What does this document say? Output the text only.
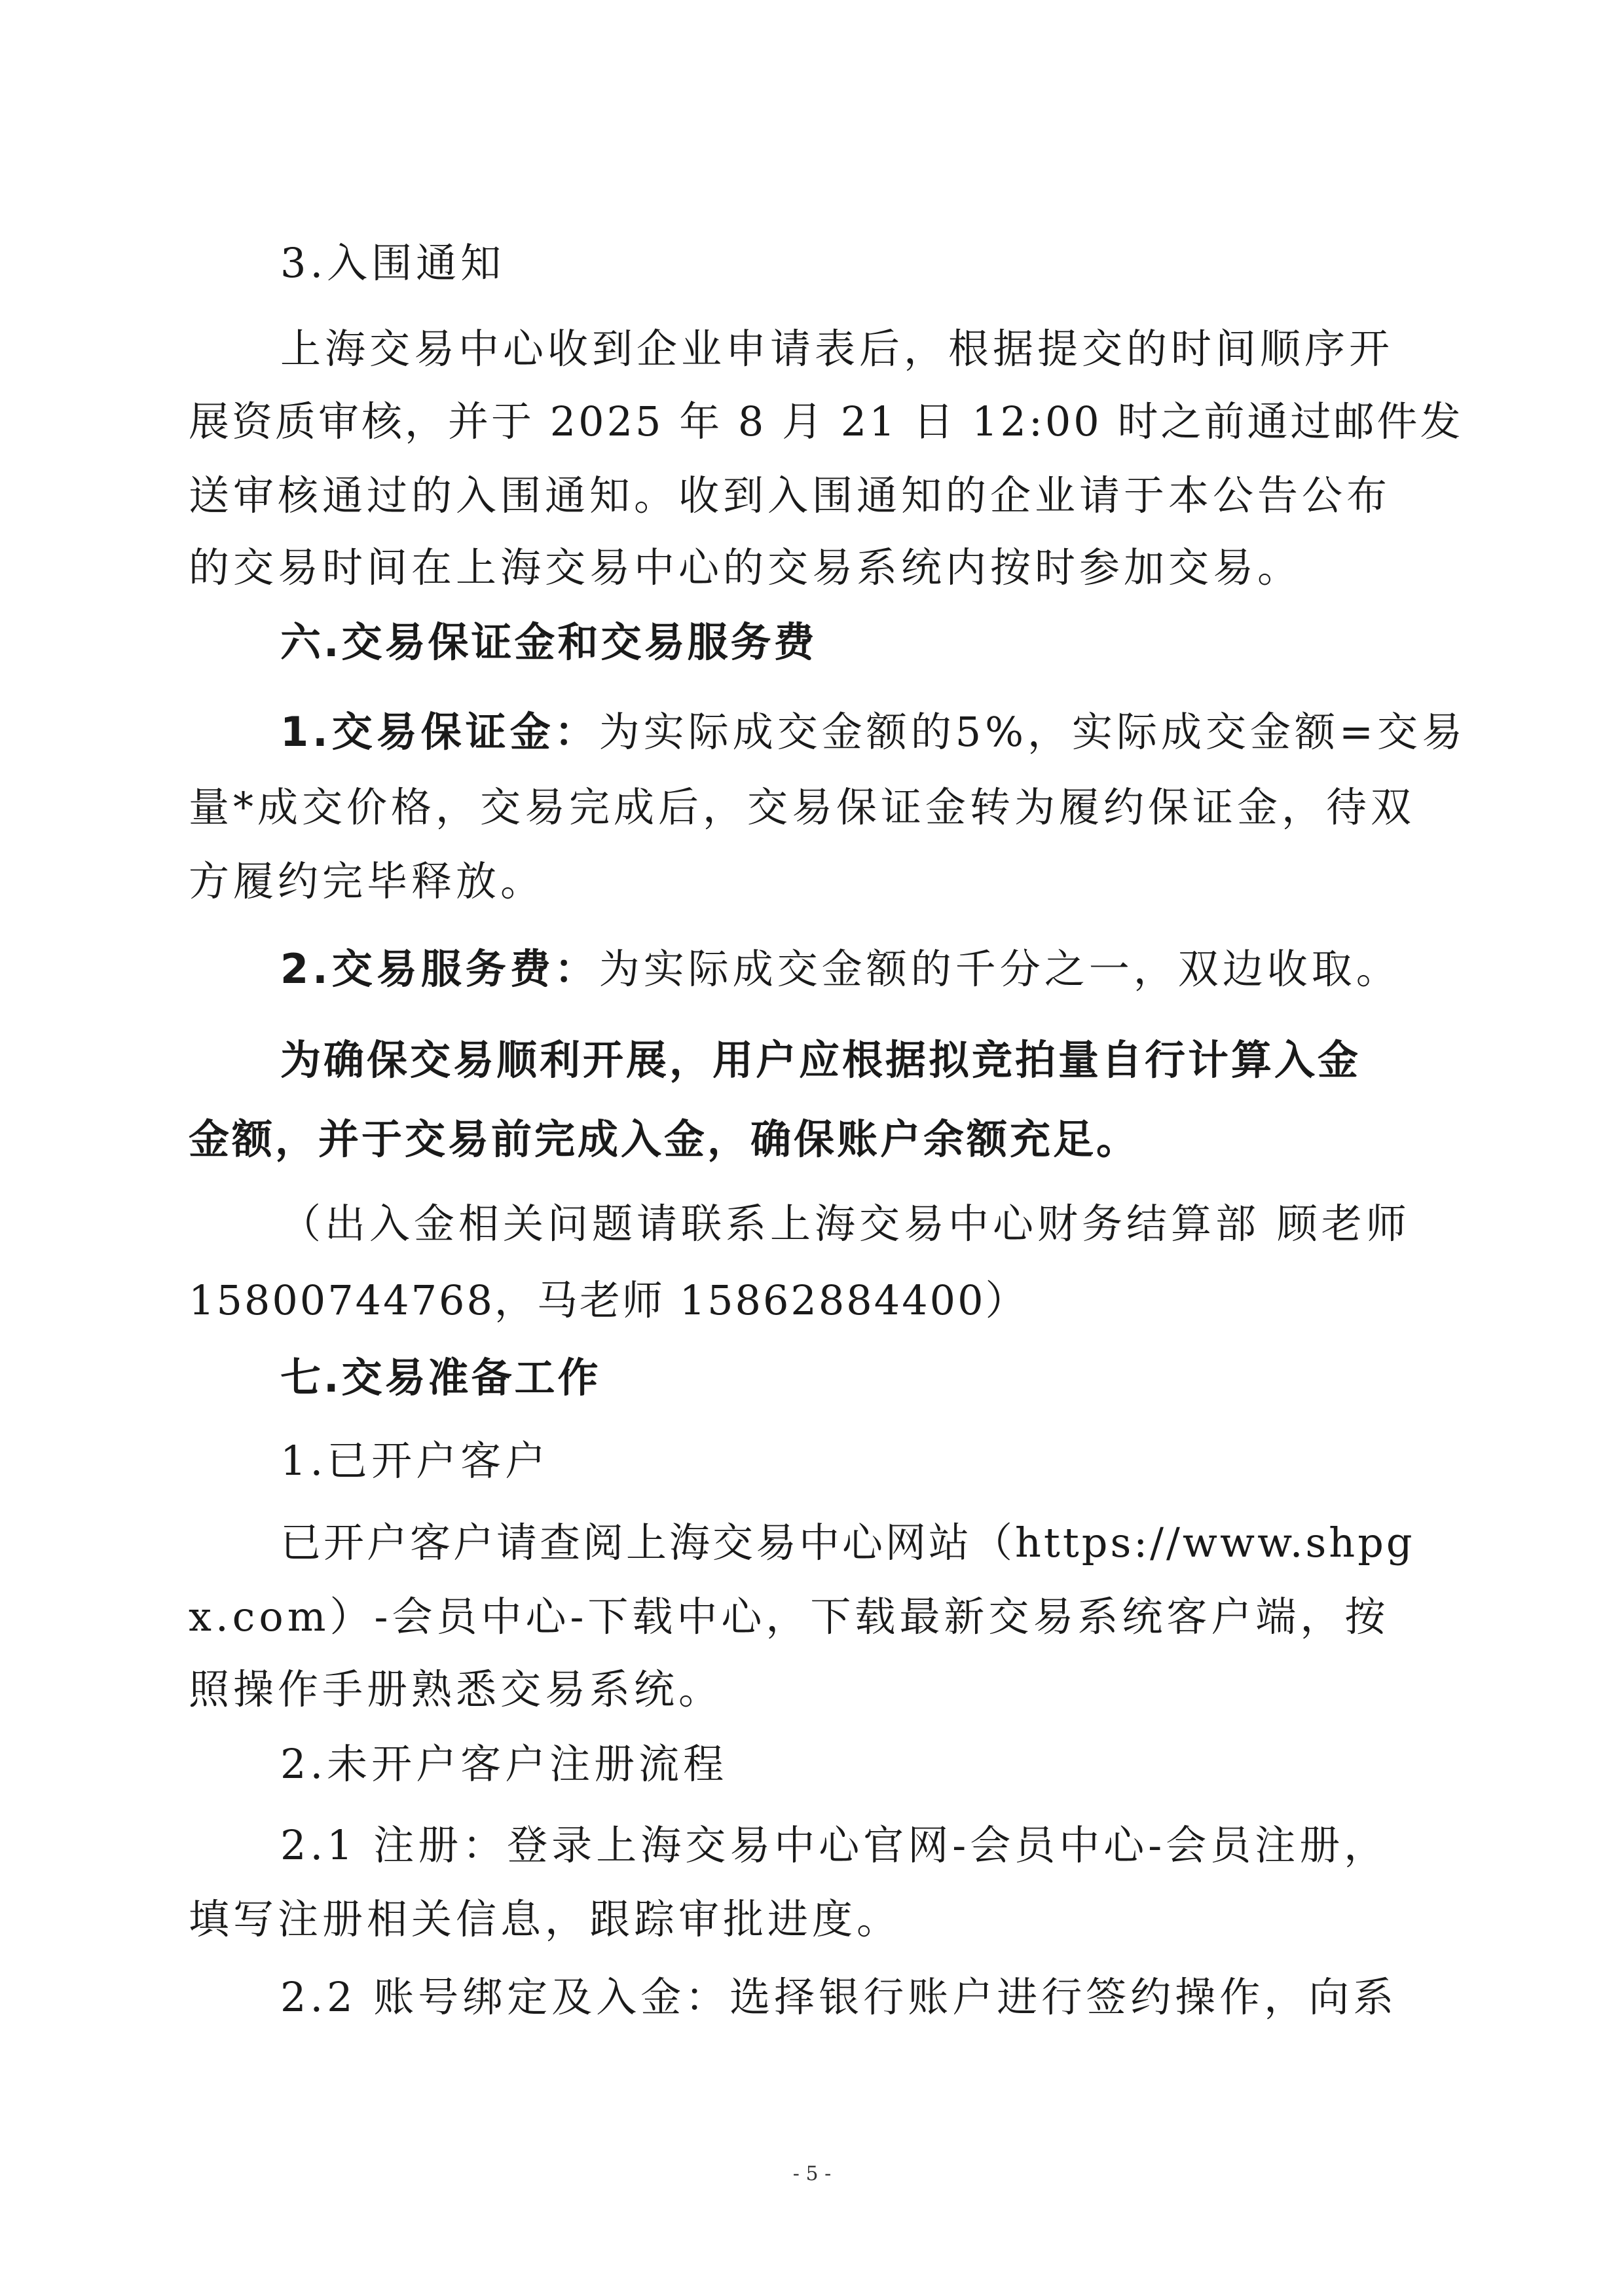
3.入围通知
上海交易中心收到企业申请表后，根据提交的时间顺序开
展资质审核，并于 2025 年 8 月 21 日 12:00 时之前通过邮件发
送审核通过的入围通知。收到入围通知的企业请于本公告公布
的交易时间在上海交易中心的交易系统内按时参加交易。
六.交易保证金和交易服务费
1.交易保证金：为实际成交金额的5%，实际成交金额=交易
量*成交价格，交易完成后，交易保证金转为履约保证金，待双
方履约完毕释放。
2.交易服务费：为实际成交金额的千分之一，双边收取。
为确保交易顺利开展，用户应根据拟竞拍量自行计算入金
金额，并于交易前完成入金，确保账户余额充足。
（出入金相关问题请联系上海交易中心财务结算部 顾老师
15800744768，马老师 15862884400）
七.交易准备工作
1.已开户客户
已开户客户请查阅上海交易中心网站（https://www.shpg
x.com）-会员中心-下载中心，下载最新交易系统客户端，按
照操作手册熟悉交易系统。
2.未开户客户注册流程
2.1 注册：登录上海交易中心官网-会员中心-会员注册，
填写注册相关信息，跟踪审批进度。
2.2 账号绑定及入金：选择银行账户进行签约操作，向系
- 5 -
